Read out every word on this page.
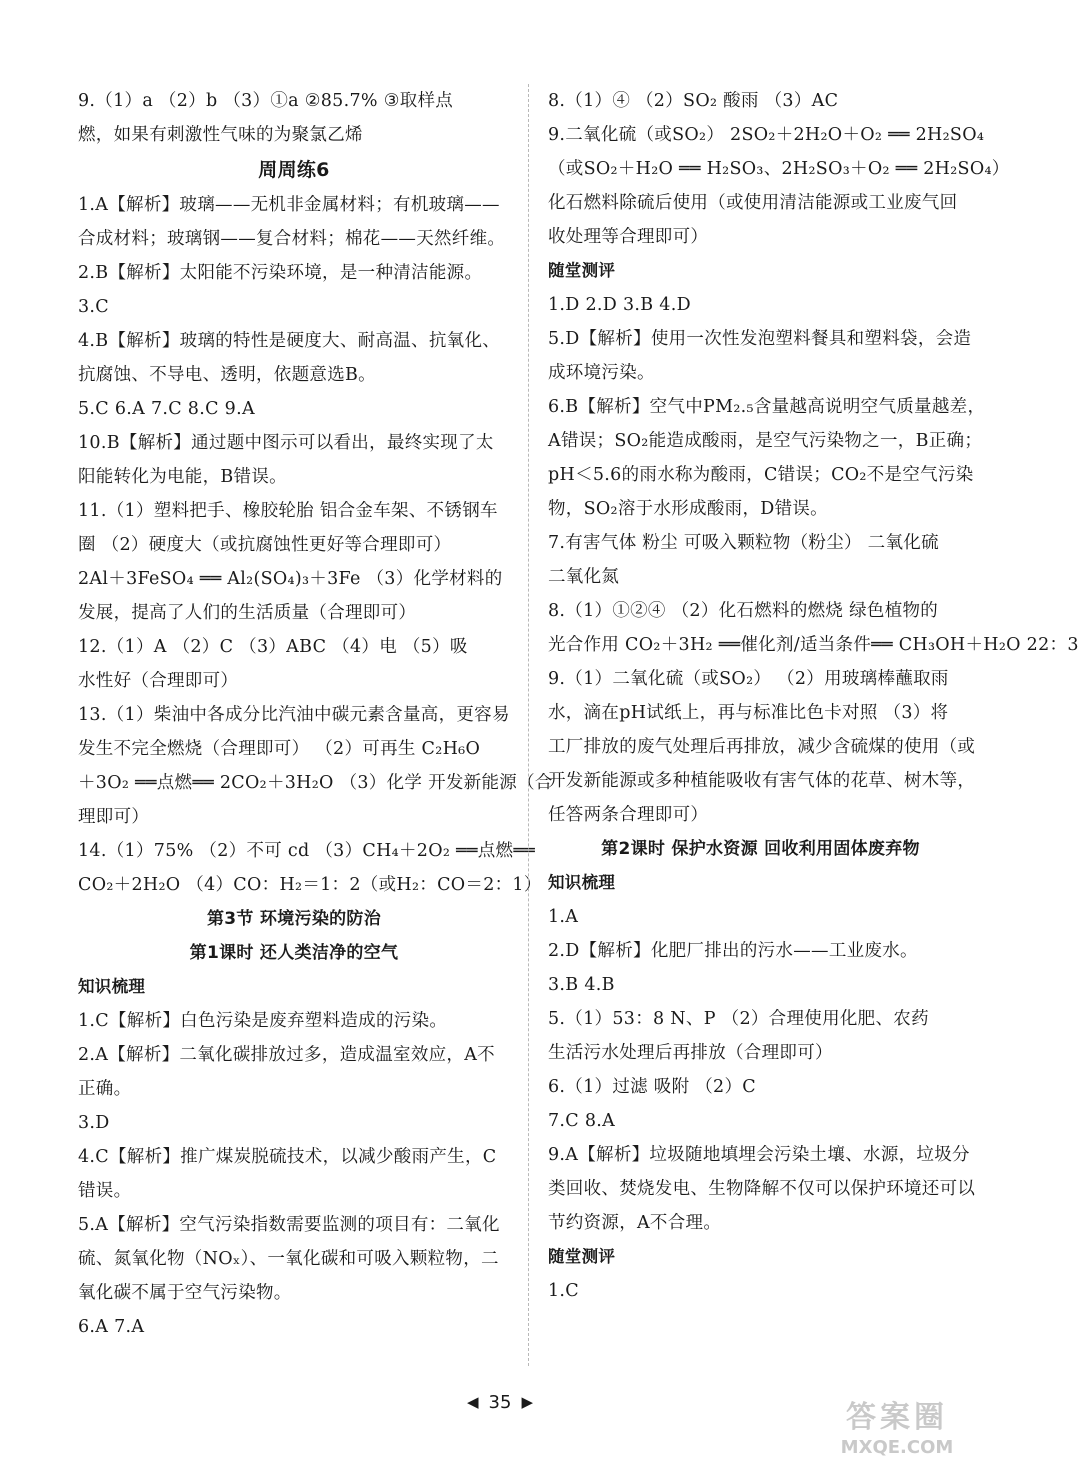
9.（1）a （2）b （3）①a ②85.7% ③取样点
燃，如果有刺激性气味的为聚氯乙烯
周周练6
1.A【解析】玻璃——无机非金属材料；有机玻璃——
合成材料；玻璃钢——复合材料；棉花——天然纤维。
2.B【解析】太阳能不污染环境，是一种清洁能源。
3.C
4.B【解析】玻璃的特性是硬度大、耐高温、抗氧化、
抗腐蚀、不导电、透明，依题意选B。
5.C 6.A 7.C 8.C 9.A
10.B【解析】通过题中图示可以看出，最终实现了太
阳能转化为电能，B错误。
11.（1）塑料把手、橡胶轮胎 铝合金车架、不锈钢车
圈 （2）硬度大（或抗腐蚀性更好等合理即可）
2Al＋3FeSO₄ ══ Al₂(SO₄)₃＋3Fe （3）化学材料的
发展，提高了人们的生活质量（合理即可）
12.（1）A （2）C （3）ABC （4）电 （5）吸
水性好（合理即可）
13.（1）柴油中各成分比汽油中碳元素含量高，更容易
发生不完全燃烧（合理即可） （2）可再生 C₂H₆O
＋3O₂ ══点燃══ 2CO₂＋3H₂O （3）化学 开发新能源（合
理即可）
14.（1）75% （2）不可 cd （3）CH₄＋2O₂ ══点燃══
CO₂＋2H₂O （4）CO：H₂＝1：2（或H₂：CO＝2：1）
第3节 环境污染的防治
第1课时 还人类洁净的空气
知识梳理
1.C【解析】白色污染是废弃塑料造成的污染。
2.A【解析】二氧化碳排放过多，造成温室效应，A不
正确。
3.D
4.C【解析】推广煤炭脱硫技术，以减少酸雨产生，C
错误。
5.A【解析】空气污染指数需要监测的项目有：二氧化
硫、氮氧化物（NOₓ）、一氧化碳和可吸入颗粒物，二
氧化碳不属于空气污染物。
6.A 7.A
8.（1）④ （2）SO₂ 酸雨 （3）AC
9.二氧化硫（或SO₂） 2SO₂＋2H₂O＋O₂ ══ 2H₂SO₄
（或SO₂＋H₂O ══ H₂SO₃、2H₂SO₃＋O₂ ══ 2H₂SO₄）
化石燃料除硫后使用（或使用清洁能源或工业废气回
收处理等合理即可）
随堂测评
1.D 2.D 3.B 4.D
5.D【解析】使用一次性发泡塑料餐具和塑料袋，会造
成环境污染。
6.B【解析】空气中PM₂.₅含量越高说明空气质量越差，
A错误；SO₂能造成酸雨，是空气污染物之一，B正确；
pH＜5.6的雨水称为酸雨，C错误；CO₂不是空气污染
物，SO₂溶于水形成酸雨，D错误。
7.有害气体 粉尘 可吸入颗粒物（粉尘） 二氧化硫
二氧化氮
8.（1）①②④ （2）化石燃料的燃烧 绿色植物的
光合作用 CO₂＋3H₂ ══催化剂/适当条件══ CH₃OH＋H₂O 22：3
9.（1）二氧化硫（或SO₂） （2）用玻璃棒蘸取雨
水，滴在pH试纸上，再与标准比色卡对照 （3）将
工厂排放的废气处理后再排放，减少含硫煤的使用（或
开发新能源或多种植能吸收有害气体的花草、树木等，
任答两条合理即可）
第2课时 保护水资源 回收利用固体废弃物
知识梳理
1.A
2.D【解析】化肥厂排出的污水——工业废水。
3.B 4.B
5.（1）53：8 N、P （2）合理使用化肥、农药
生活污水处理后再排放（合理即可）
6.（1）过滤 吸附 （2）C
7.C 8.A
9.A【解析】垃圾随地填埋会污染土壤、水源，垃圾分
类回收、焚烧发电、生物降解不仅可以保护环境还可以
节约资源，A不合理。
随堂测评
1.C
◀ 35 ▶	答案圈
MXQE.COM
